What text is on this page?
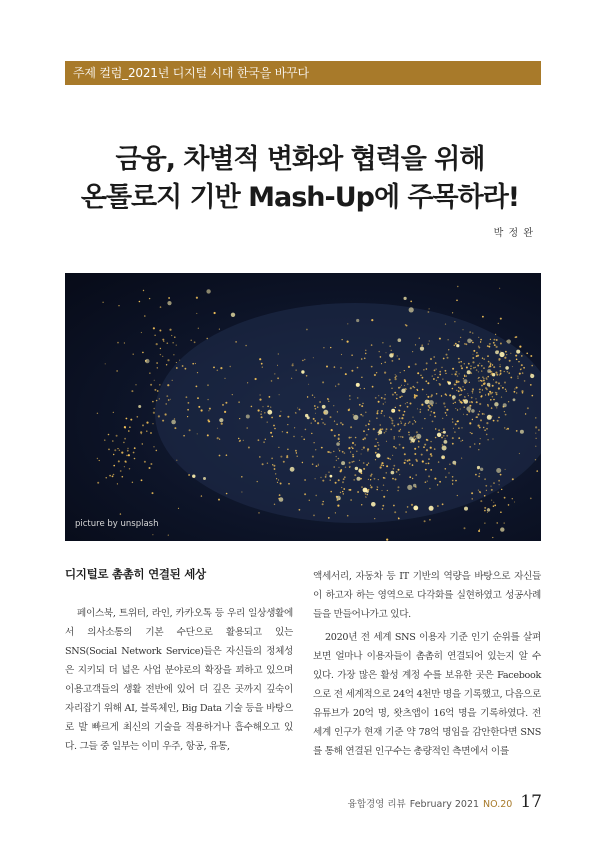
주제 컬럼_2021년 디지털 시대 한국을 바꾸다
금융, 차별적 변화와 협력을 위해
온톨로지 기반 Mash-Up에 주목하라!
박 정 완
picture by unsplash
디지털로 촘촘히 연결된 세상

페이스북, 트위터, 라인, 카카오톡 등 우리 일상생활에서 의사소통의 기본 수단으로 활용되고 있는 SNS(Social Network Service)들은 자신들의 정체성은 지키되 더 넓은 사업 분야로의 확장을 꾀하고 있으며 이용고객들의 생활 전반에 있어 더 깊은 곳까지 깊숙이 자리잡기 위해 AI, 블록체인, Big Data 기술 등을 바탕으로 발 빠르게 최신의 기술을 적용하거나 흡수해오고 있다. 그들 중 일부는 이미 우주, 항공, 유통,

액세서리, 자동차 등 IT 기반의 역량을 바탕으로 자신들이 하고자 하는 영역으로 다각화를 실현하였고 성공사례들을 만들어나가고 있다.

2020년 전 세계 SNS 이용자 기준 인기 순위를 살펴보면 얼마나 이용자들이 촘촘히 연결되어 있는지 알 수 있다. 가장 많은 활성 계정 수를 보유한 곳은 Facebook으로 전 세계적으로 24억 4천만 명을 기록했고, 다음으로 유튜브가 20억 명, 왓츠앱이 16억 명을 기록하였다. 전 세계 인구가 현재 기준 약 78억 명임을 감안한다면 SNS를 통해 연결된 인구수는 총량적인 측면에서 이를

융합경영 리뷰 February 2021 NO.20 17
